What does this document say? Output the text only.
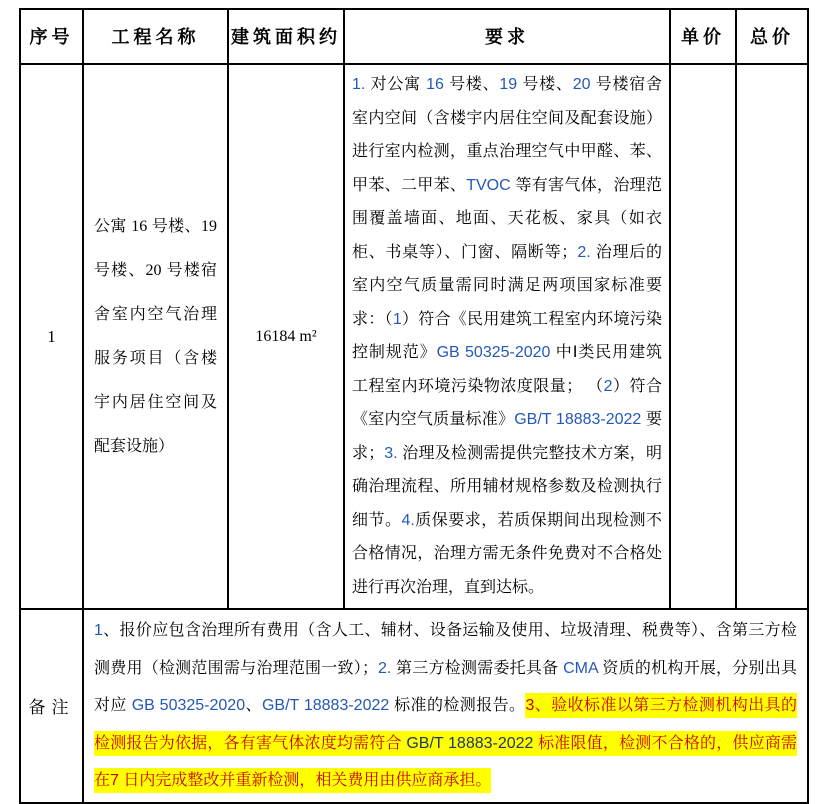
序号	工程名称	建筑面积约	要求	单价	总价
1	公寓 16 号楼、19 号楼、20 号楼宿舍室内空气治理服务项目（含楼宇内居住空间及配套设施）	16184 m²	1. 对公寓 16 号楼、19 号楼、20 号楼宿舍室内空间（含楼宇内居住空间及配套设施）进行室内检测，重点治理空气中甲醛、苯、甲苯、二甲苯、TVOC 等有害气体，治理范围覆盖墙面、地面、天花板、家具（如衣柜、书桌等）、门窗、隔断等；2. 治理后的室内空气质量需同时满足两项国家标准要求：（1）符合《民用建筑工程室内环境污染控制规范》GB 50325-2020 中Ⅰ类民用建筑工程室内环境污染物浓度限量； （2）符合《室内空气质量标准》GB/T 18883-2022 要求；3. 治理及检测需提供完整技术方案，明确治理流程、所用辅材规格参数及检测执行细节。4.质保要求，若质保期间出现检测不合格情况，治理方需无条件免费对不合格处进行再次治理，直到达标。		
备注	1、报价应包含治理所有费用（含人工、辅材、设备运输及使用、垃圾清理、税费等）、含第三方检测费用（检测范围需与治理范围一致）；2. 第三方检测需委托具备 CMA 资质的机构开展，分别出具对应 GB 50325-2020、GB/T 18883-2022 标准的检测报告。3、验收标准以第三方检测机构出具的检测报告为依据，各有害气体浓度均需符合 GB/T 18883-2022 标准限值，检测不合格的，供应商需在7 日内完成整改并重新检测，相关费用由供应商承担。				
